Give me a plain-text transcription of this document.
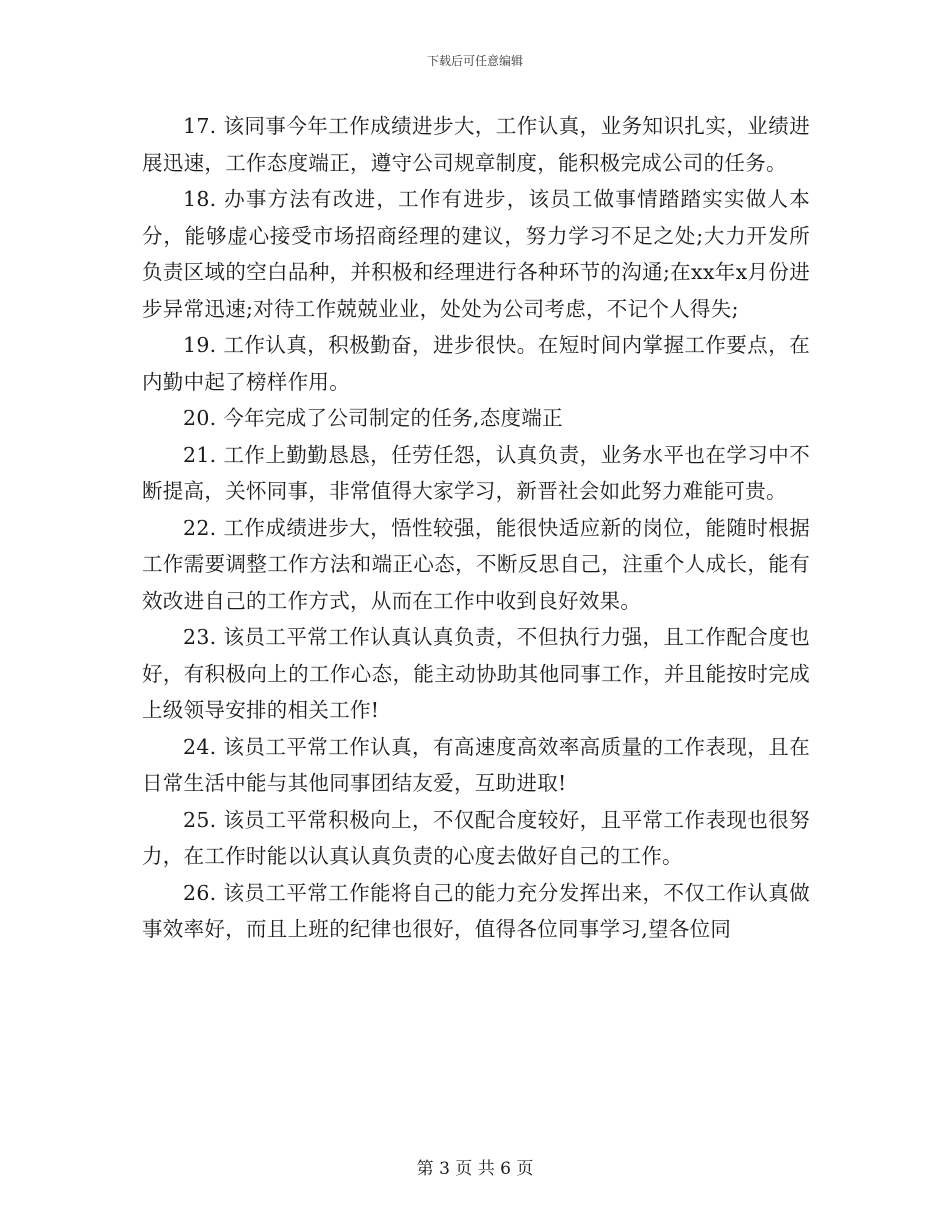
下载后可任意编辑

17. 该同事今年工作成绩进步大，工作认真，业务知识扎实，业绩进展迅速，工作态度端正，遵守公司规章制度，能积极完成公司的任务。

18. 办事方法有改进，工作有进步，该员工做事情踏踏实实做人本分，能够虚心接受市场招商经理的建议，努力学习不足之处;大力开发所负责区域的空白品种，并积极和经理进行各种环节的沟通;在xx年x月份进步异常迅速;对待工作兢兢业业，处处为公司考虑，不记个人得失;

19. 工作认真，积极勤奋，进步很快。在短时间内掌握工作要点，在内勤中起了榜样作用。

20. 今年完成了公司制定的任务,态度端正

21. 工作上勤勤恳恳，任劳任怨，认真负责，业务水平也在学习中不断提高，关怀同事，非常值得大家学习，新晋社会如此努力难能可贵。

22. 工作成绩进步大，悟性较强，能很快适应新的岗位，能随时根据工作需要调整工作方法和端正心态，不断反思自己，注重个人成长，能有效改进自己的工作方式，从而在工作中收到良好效果。

23. 该员工平常工作认真认真负责，不但执行力强，且工作配合度也好，有积极向上的工作心态，能主动协助其他同事工作，并且能按时完成上级领导安排的相关工作!

24. 该员工平常工作认真，有高速度高效率高质量的工作表现，且在日常生活中能与其他同事团结友爱，互助进取!

25. 该员工平常积极向上，不仅配合度较好，且平常工作表现也很努力，在工作时能以认真认真负责的心度去做好自己的工作。

26. 该员工平常工作能将自己的能力充分发挥出来，不仅工作认真做事效率好，而且上班的纪律也很好，值得各位同事学习,望各位同

第 3 页 共 6 页
